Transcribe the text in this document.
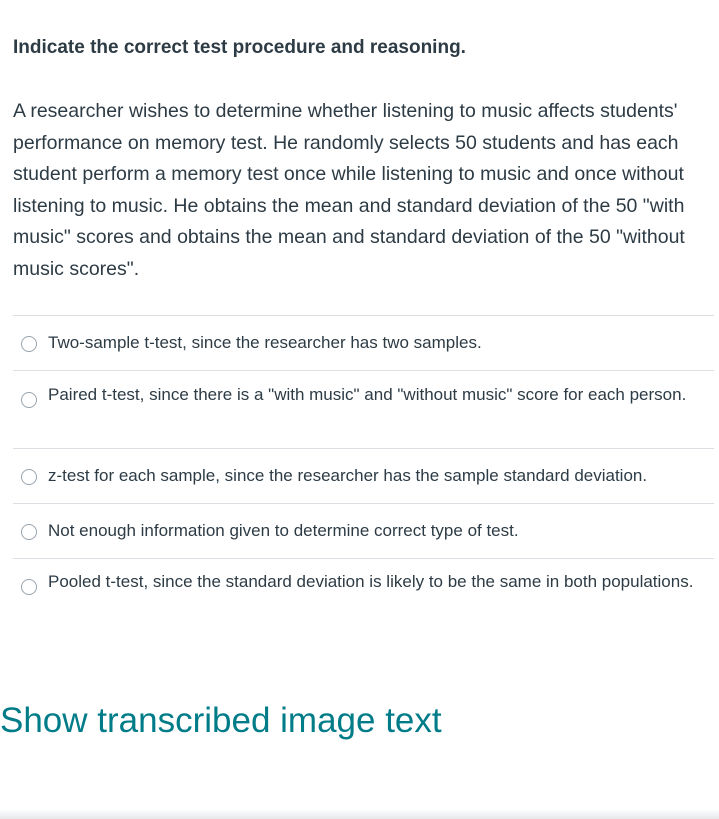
Indicate the correct test procedure and reasoning.

A researcher wishes to determine whether listening to music affects students' performance on memory test. He randomly selects 50 students and has each student perform a memory test once while listening to music and once without listening to music. He obtains the mean and standard deviation of the 50 "with music" scores and obtains the mean and standard deviation of the 50 "without music scores".

Two-sample t-test, since the researcher has two samples.
Paired t-test, since there is a "with music" and "without music" score for each person.
z-test for each sample, since the researcher has the sample standard deviation.
Not enough information given to determine correct type of test.
Pooled t-test, since the standard deviation is likely to be the same in both populations.
Show transcribed image text
